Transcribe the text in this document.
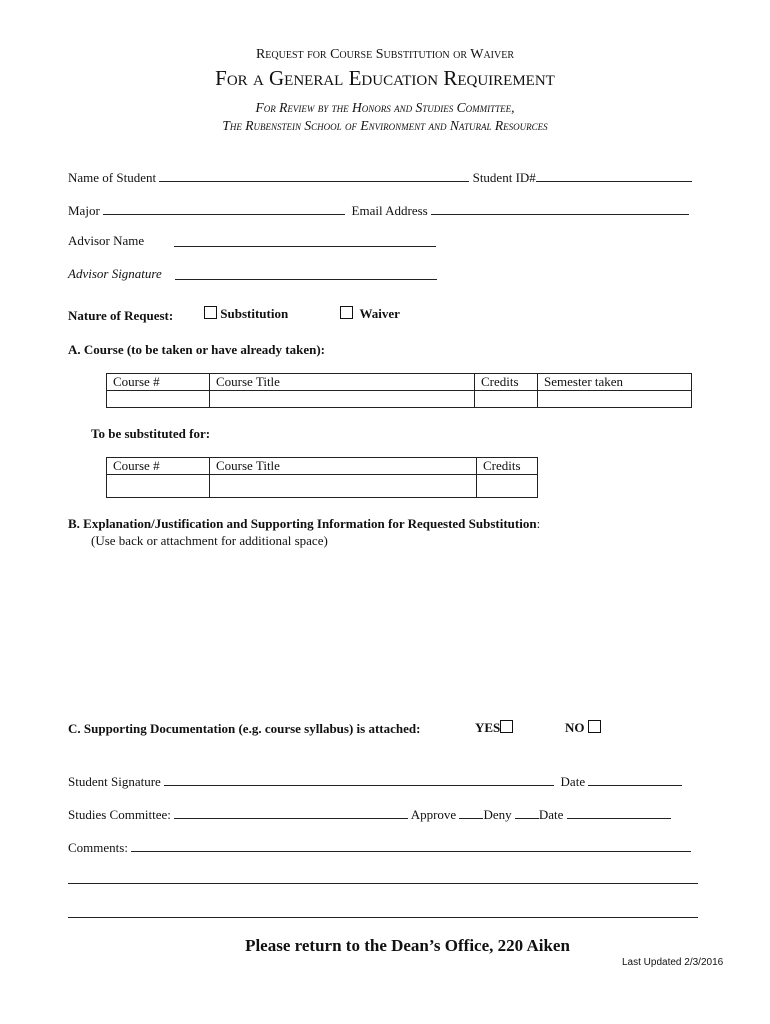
Request for Course Substitution or Waiver
For a General Education Requirement
For Review by the Honors and Studies Committee,
The Rubenstein School of Environment and Natural Resources
Name of Student	Student ID#
Major	Email Address
Advisor Name
Advisor Signature
Nature of Request:	Substitution	Waiver
A. Course (to be taken or have already taken):
Course #	Course Title	Credits	Semester taken

To be substituted for:
Course #	Course Title	Credits

B. Explanation/Justification and Supporting Information for Requested Substitution:
(Use back or attachment for additional space)
C. Supporting Documentation (e.g. course syllabus) is attached:	YES	NO
Student Signature	Date
Studies Committee:	Approve Deny Date
Comments:
Please return to the Dean’s Office, 220 Aiken
Last Updated 2/3/2016
